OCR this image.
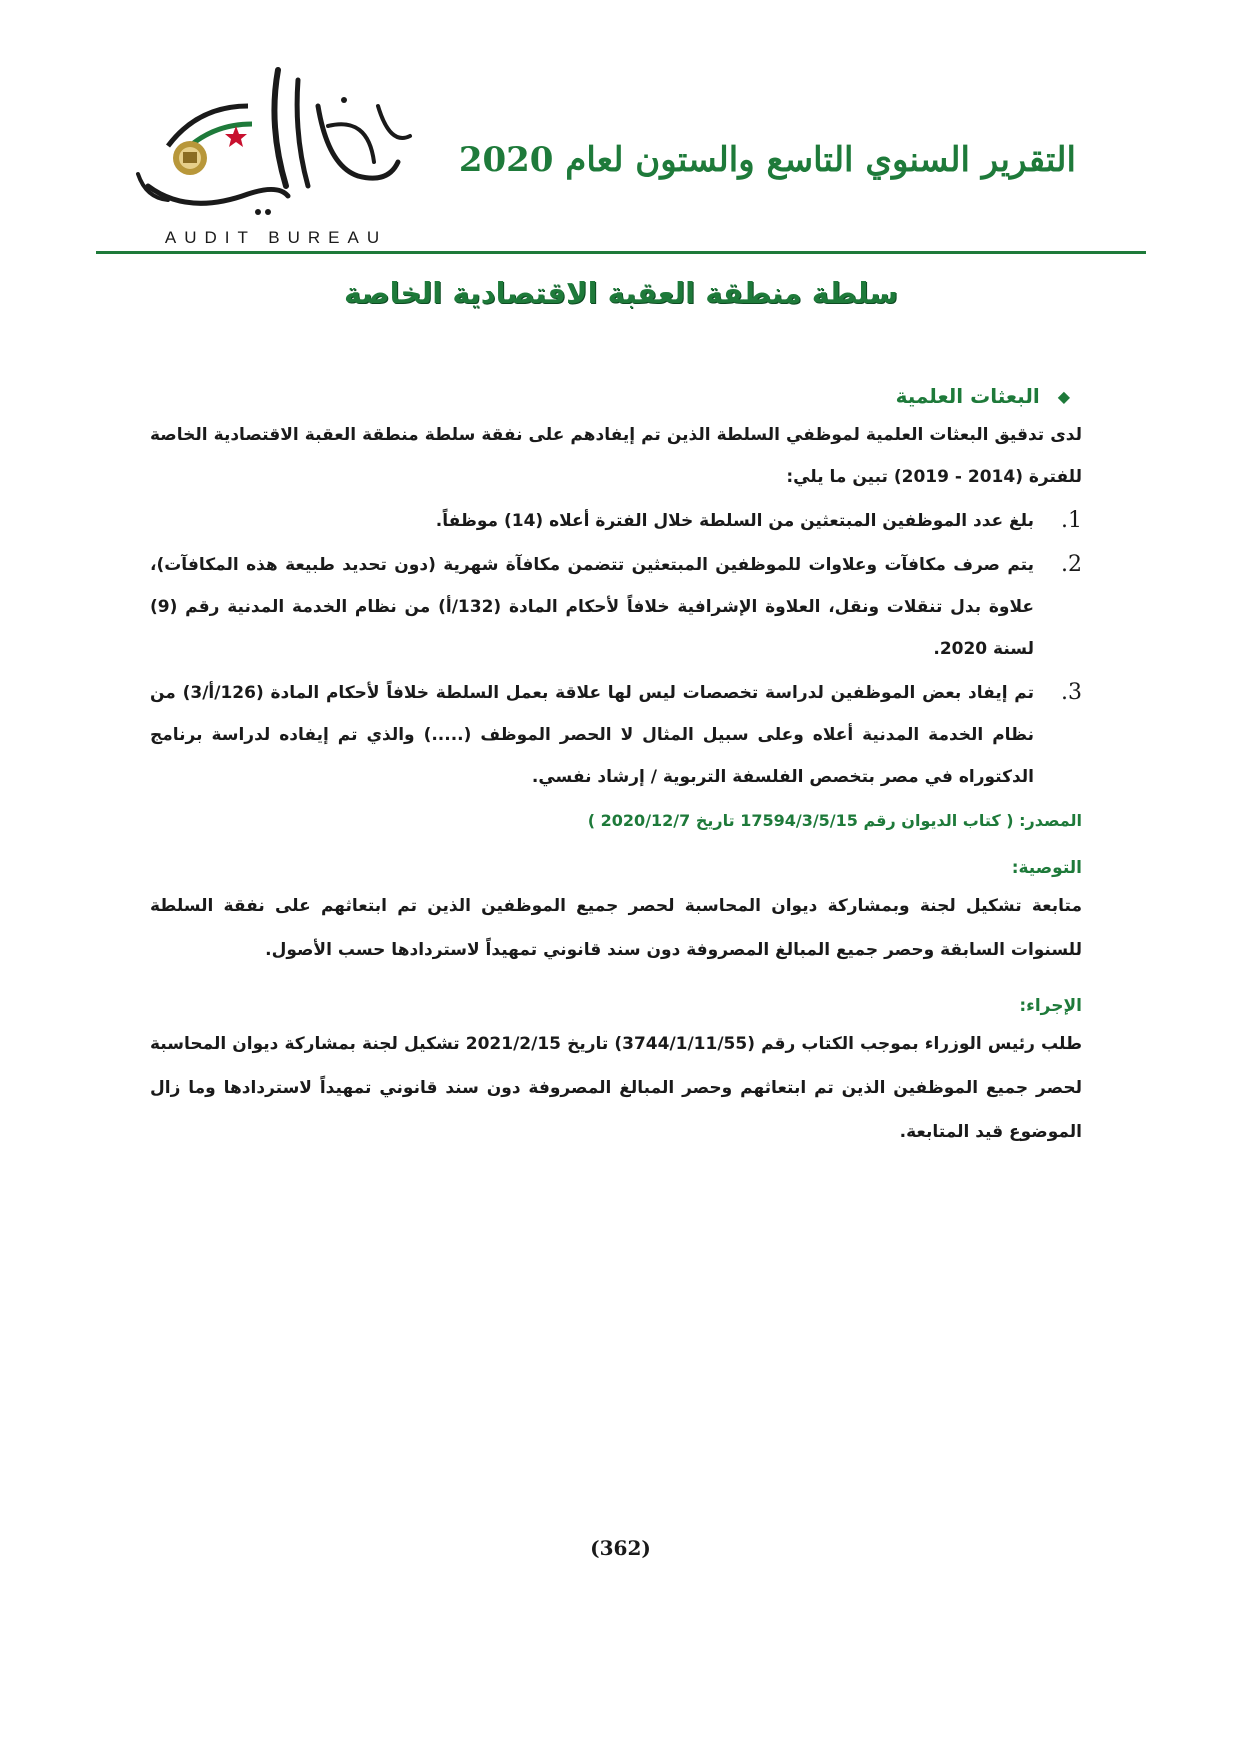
التقرير السنوي التاسع والستون لعام 2020
AUDIT BUREAU
سلطة منطقة العقبة الاقتصادية الخاصة
◆
البعثات العلمية

لدى تدقيق البعثات العلمية لموظفي السلطة الذين تم إيفادهم على نفقة سلطة منطقة العقبة الاقتصادية الخاصة للفترة (2014 - 2019) تبين ما يلي:

1.
بلغ عدد الموظفين المبتعثين من السلطة خلال الفترة أعلاه (14) موظفاً.
2.
يتم صرف مكافآت وعلاوات للموظفين المبتعثين تتضمن مكافآة شهرية (دون تحديد طبيعة هذه المكافآت)، علاوة بدل تنقلات ونقل، العلاوة الإشرافية خلافاً لأحكام المادة (132/أ) من نظام الخدمة المدنية رقم (9) لسنة 2020.
3.
تم إيفاد بعض الموظفين لدراسة تخصصات ليس لها علاقة بعمل السلطة خلافاً لأحكام المادة (126/أ/3) من نظام الخدمة المدنية أعلاه وعلى سبيل المثال لا الحصر الموظف (.....) والذي تم إيفاده لدراسة برنامج الدكتوراه في مصر بتخصص الفلسفة التربوية / إرشاد نفسي.
المصدر: ( كتاب الديوان رقم 17594/3/5/15 تاريخ 2020/12/7 )
التوصية:
متابعة تشكيل لجنة وبمشاركة ديوان المحاسبة لحصر جميع الموظفين الذين تم ابتعاثهم على نفقة السلطة للسنوات السابقة وحصر جميع المبالغ المصروفة دون سند قانوني تمهيداً لاستردادها حسب الأصول.
الإجراء:
طلب رئيس الوزراء بموجب الكتاب رقم (3744/1/11/55) تاريخ 2021/2/15 تشكيل لجنة بمشاركة ديوان المحاسبة لحصر جميع الموظفين الذين تم ابتعاثهم وحصر المبالغ المصروفة دون سند قانوني تمهيداً لاستردادها وما زال الموضوع قيد المتابعة.
(362)
